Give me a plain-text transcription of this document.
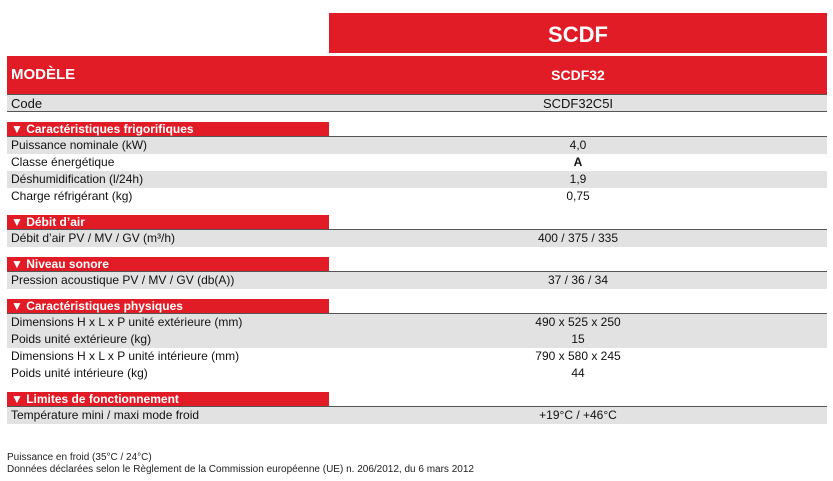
SCDF
MODÈLE	SCDF32
Code	SCDF32C5I
▼ Caractéristiques frigorifiques
Puissance nominale (kW)	4,0
Classe énergétique	A
Déshumidification (l/24h)	1,9
Charge réfrigérant (kg)	0,75
▼ Débit d’air
Débit d’air PV / MV / GV (m³/h)	400 / 375 / 335
▼ Niveau sonore
Pression acoustique PV / MV / GV (db(A))	37 / 36 / 34
▼ Caractéristiques physiques
Dimensions H x L x P unité extérieure (mm)	490 x 525 x 250
Poids unité extérieure (kg)	15
Dimensions H x L x P unité intérieure (mm)	790 x 580 x 245
Poids unité intérieure (kg)	44
▼ Limites de fonctionnement
Température mini / maxi mode froid	+19°C / +46°C
Puissance en froid (35°C / 24°C)
Données déclarées selon le Règlement de la Commission européenne (UE) n. 206/2012, du 6 mars 2012
